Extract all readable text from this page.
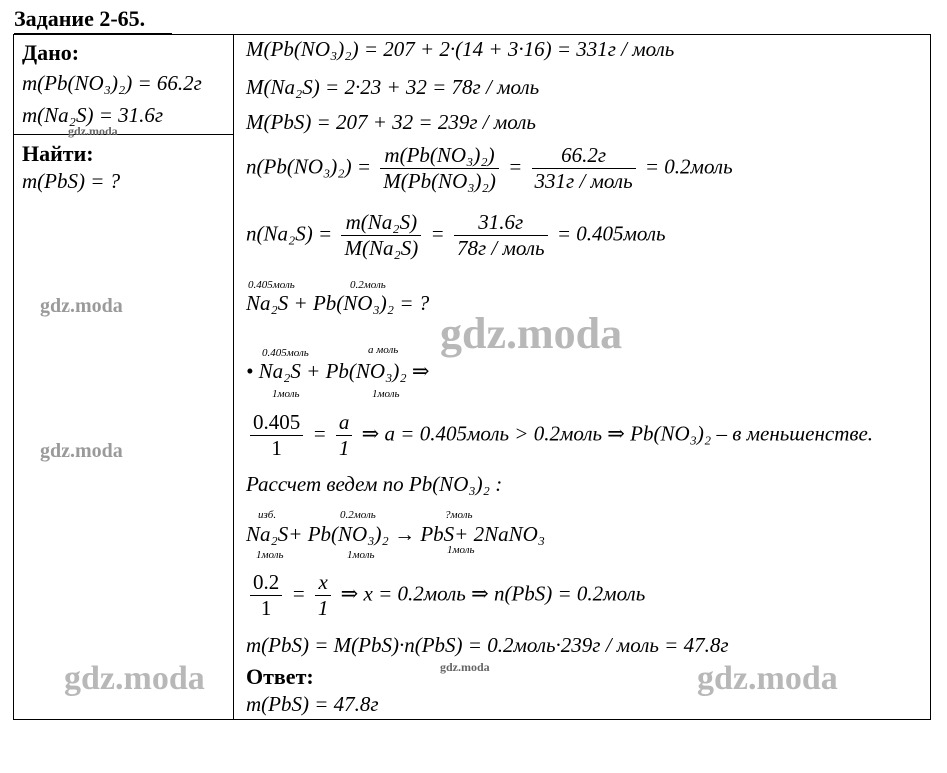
Задание 2-65.
Дано:
m(Pb(NO₃)₂) = 66.2г
m(Na₂S) = 31.6г
Найти:
m(PbS) = ?
M(Pb(NO₃)₂) = 207 + 2·(14 + 3·16) = 331г / моль
M(Na₂S) = 2·23 + 32 = 78г / моль
M(PbS) = 207 + 32 = 239г / моль
$n(Pb(NO_3)_2) = \frac{\text{m(Pb(NO₃)₂)}}{\text{M(Pb(NO₃)₂)}} = \frac{66.2г}{\text{331г / моль}}$ = 0.2моль
$n(Na_2S) = \frac{\text{m(Na₂S)}}{\text{M(Na₂S)}} = \frac{31.6г}{\text{78г / моль}}$ = 0.405моль
0.405моль	0.2моль
Na₂S + Pb(NO₃)₂ = ?
0.405моль	a моль
• Na₂S + Pb(NO₃)₂ ⇒
1моль	1моль
$\frac{0.405}{1} = \frac{a}{1}$ ⇒ a = 0.405моль > 0.2моль ⇒ Pb(NO₃)₂ – в меньшенстве.
Рассчет ведем по Pb(NO₃)₂ :
изб.	0.2моль	?моль
Na₂S+ Pb(NO₃)₂ → PbS+ 2NaNO₃
1моль	1моль	1моль
$\frac{0.2}{1} = \frac{x}{1}$ ⇒ x = 0.2моль ⇒ n(PbS) = 0.2моль
m(PbS) = M(PbS)·n(PbS) = 0.2моль·239г / моль = 47.8г
Ответ:
m(PbS) = 47.8г
gdz.moda
gdz.moda
gdz.moda
gdz.moda
gdz.moda	gdz.moda
gdz.moda
